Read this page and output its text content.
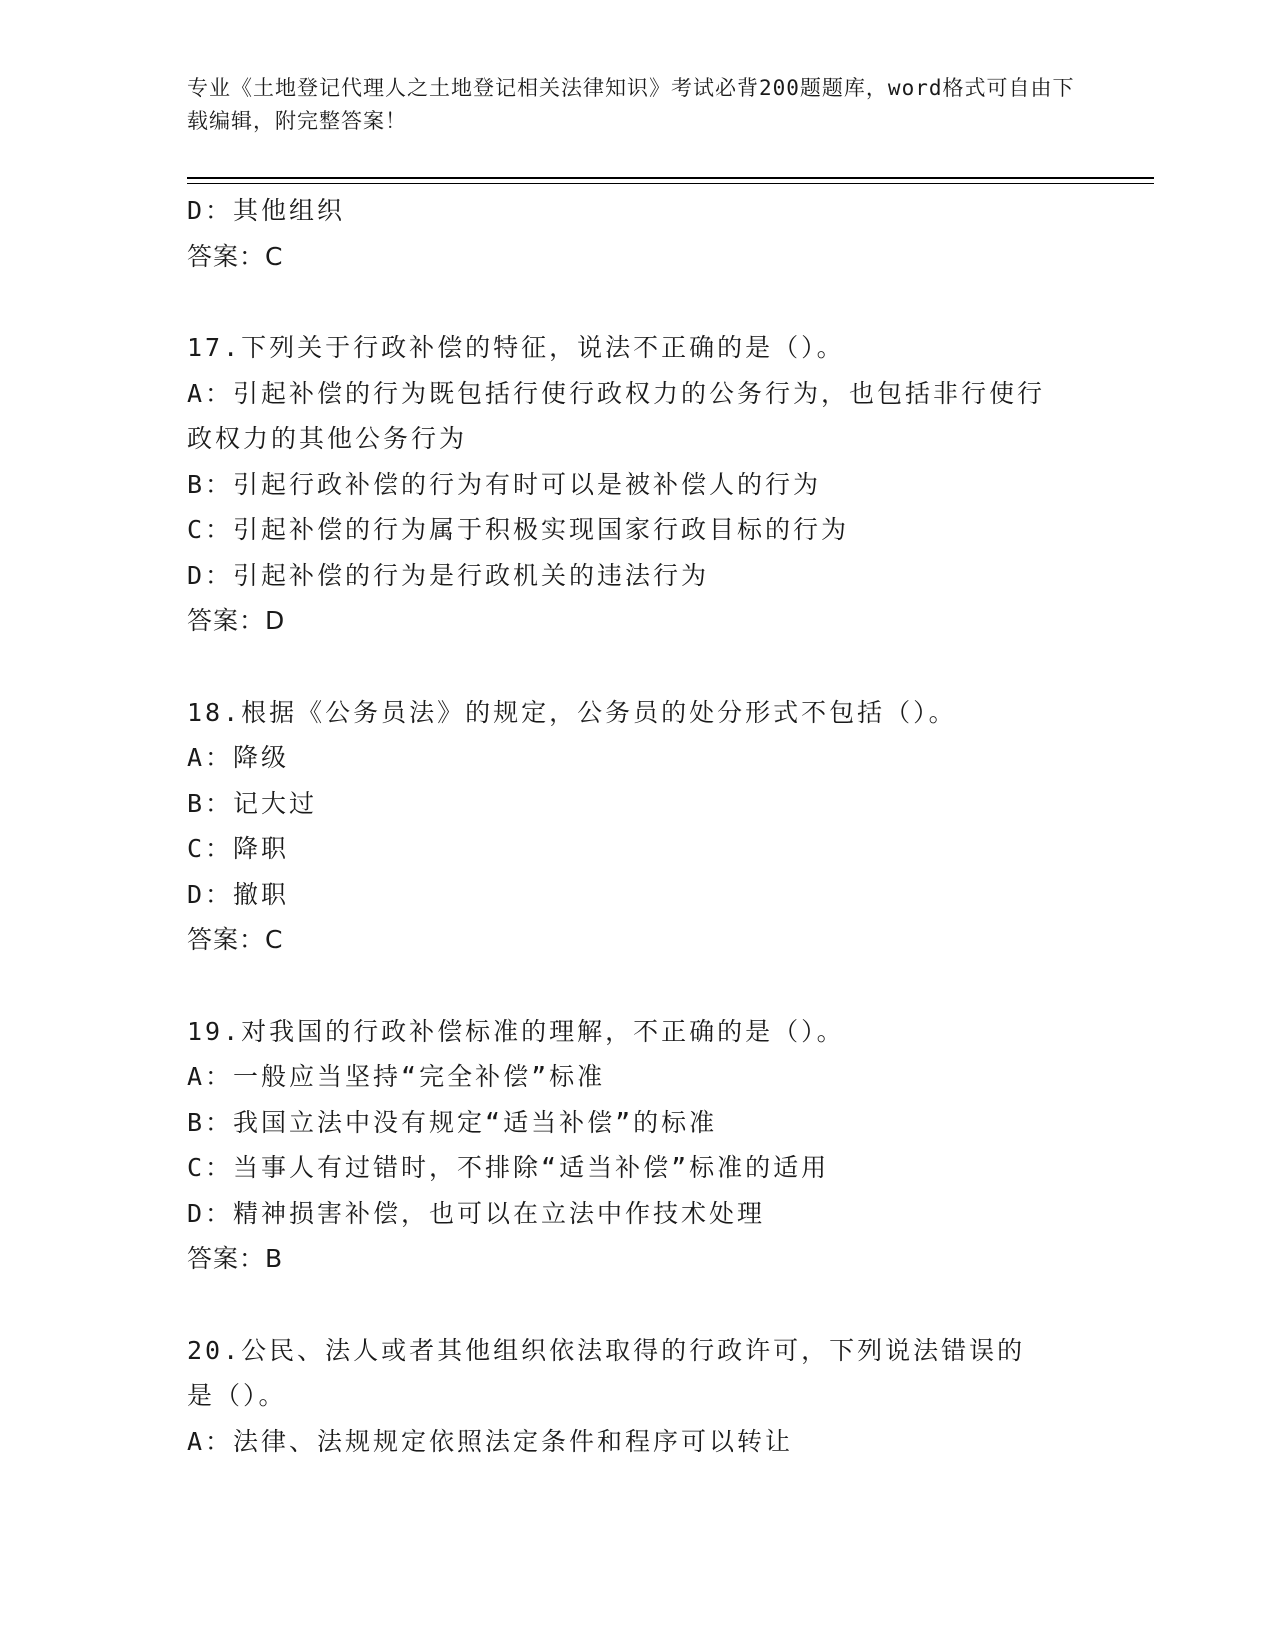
专业《土地登记代理人之土地登记相关法律知识》考试必背200题题库，word格式可自由下载编辑，附完整答案！

D：其他组织

答案：C

17.下列关于行政补偿的特征，说法不正确的是（）。

A：引起补偿的行为既包括行使行政权力的公务行为，也包括非行使行政权力的其他公务行为

B：引起行政补偿的行为有时可以是被补偿人的行为

C：引起补偿的行为属于积极实现国家行政目标的行为

D：引起补偿的行为是行政机关的违法行为

答案：D

18.根据《公务员法》的规定，公务员的处分形式不包括（）。

A：降级

B：记大过

C：降职

D：撤职

答案：C

19.对我国的行政补偿标准的理解，不正确的是（）。

A：一般应当坚持“完全补偿”标准

B：我国立法中没有规定“适当补偿”的标准

C：当事人有过错时，不排除“适当补偿”标准的适用

D：精神损害补偿，也可以在立法中作技术处理

答案：B

20.公民、法人或者其他组织依法取得的行政许可，下列说法错误的是（）。

A：法律、法规规定依照法定条件和程序可以转让
